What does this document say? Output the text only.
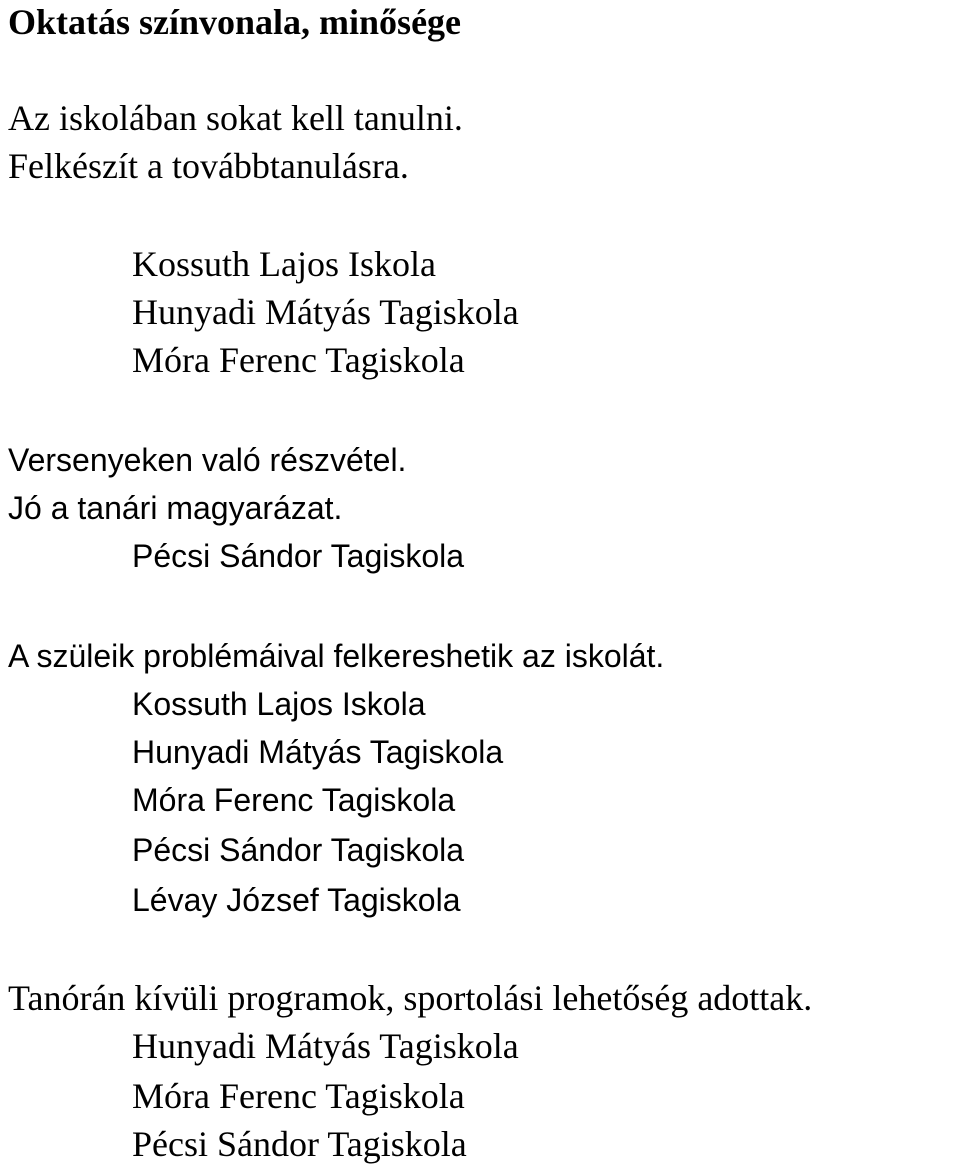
Oktatás színvonala, minősége
Az iskolában sokat kell tanulni.
Felkészít a továbbtanulásra.
Kossuth Lajos Iskola
Hunyadi Mátyás Tagiskola
Móra Ferenc Tagiskola
Versenyeken való részvétel.
Jó a tanári magyarázat.
Pécsi Sándor Tagiskola
A szüleik problémáival felkereshetik az iskolát.
Kossuth Lajos Iskola
Hunyadi Mátyás Tagiskola
Móra Ferenc Tagiskola
Pécsi Sándor Tagiskola
Lévay József Tagiskola
Tanórán kívüli programok, sportolási lehetőség adottak.
Hunyadi Mátyás Tagiskola
Móra Ferenc Tagiskola
Pécsi Sándor Tagiskola
